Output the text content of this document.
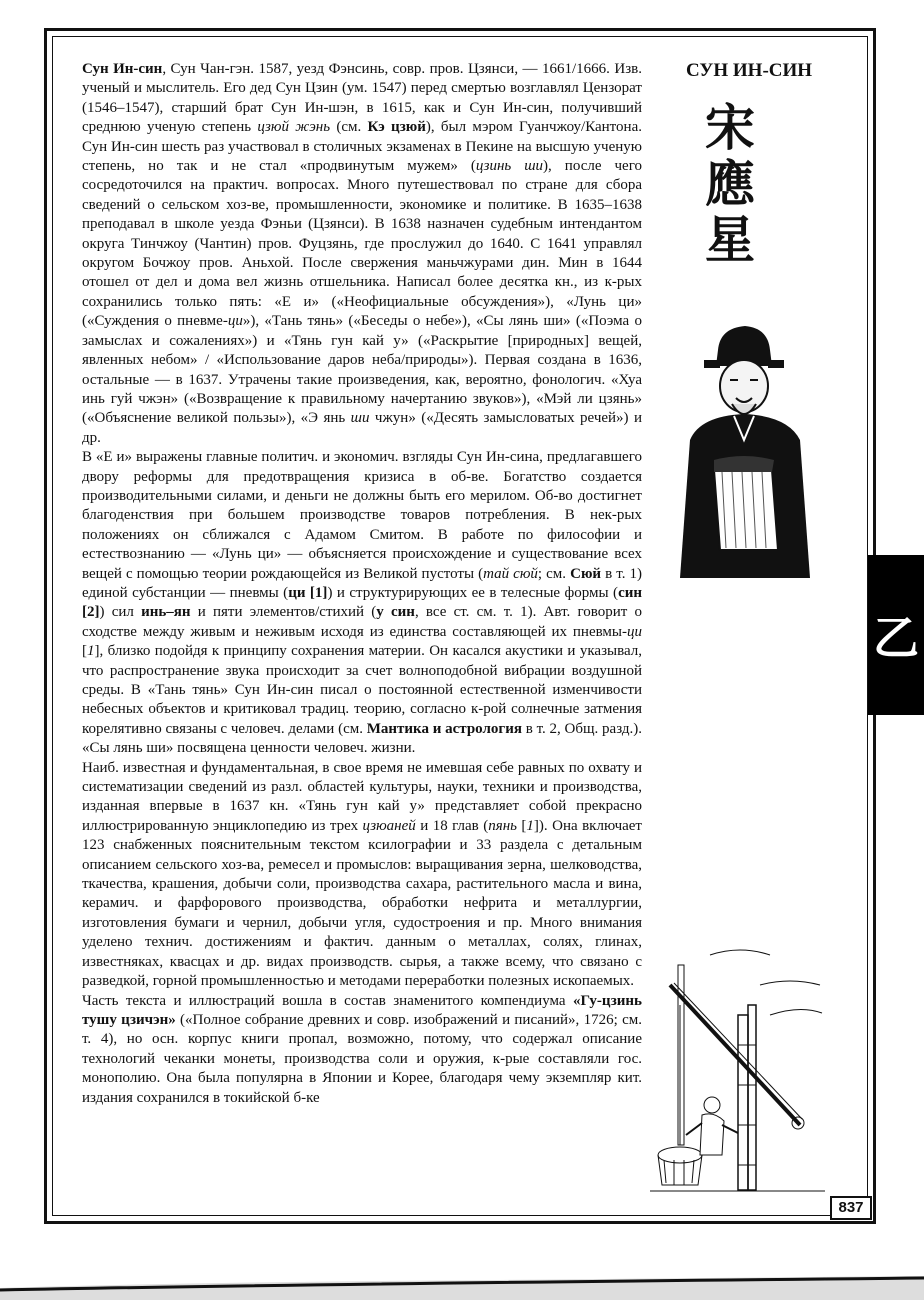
Сун Ин-син, Сун Чан-гэн. 1587, уезд Фэнсинь, совр. пров. Цзянси, — 1661/1666. Изв. ученый и мыслитель. Его дед Сун Цзин (ум. 1547) перед смертью возглавлял Цензорат (1546–1547), старший брат Сун Ин-шэн, в 1615, как и Сун Ин-син, получивший среднюю ученую степень цзюй жэнь (см. Кэ цзюй), был мэром Гуанчжоу/Кантона. Сун Ин-син шесть раз участвовал в столичных экзаменах в Пекине на высшую ученую степень, но так и не стал «продвинутым мужем» (цзинь ши), после чего сосредоточился на практич. вопросах. Много путешествовал по стране для сбора сведений о сельском хоз-ве, промышленности, экономике и политике. В 1635–1638 преподавал в школе уезда Фэньи (Цзянси). В 1638 назначен судебным интендантом округа Тинчжоу (Чантин) пров. Фуцзянь, где прослужил до 1640. С 1641 управлял округом Бочжоу пров. Аньхой. После свержения маньчжурами дин. Мин в 1644 отошел от дел и дома вел жизнь отшельника. Написал более десятка кн., из к-рых сохранились только пять: «Е и» («Неофициальные обсуждения»), «Лунь ци» («Суждения о пневме-ци»), «Тань тянь» («Беседы о небе»), «Сы лянь ши» («Поэма о замыслах и сожалениях») и «Тянь гун кай у» («Раскрытие [природных] вещей, явленных небом» / «Использование даров неба/природы»). Первая создана в 1636, остальные — в 1637. Утрачены такие произведения, как, вероятно, фонологич. «Хуа инь гуй чжэн» («Возвращение к правильному начертанию звуков»), «Мэй ли цзянь» («Объяснение великой пользы»), «Э янь ши чжун» («Десять замысловатых речей») и др.

В «Е и» выражены главные политич. и экономич. взгляды Сун Ин-сина, предлагавшего двору реформы для предотвращения кризиса в об-ве. Богатство создается производительными силами, и деньги не должны быть его мерилом. Об-во достигнет благоденствия при большем производстве товаров потребления. В нек-рых положениях он сближался с Адамом Смитом. В работе по философии и естествознанию — «Лунь ци» — объясняется происхождение и существование всех вещей с помощью теории рождающейся из Великой пустоты (тай сюй; см. Сюй в т. 1) единой субстанции — пневмы (ци [1]) и структурирующих ее в телесные формы (син [2]) сил инь–ян и пяти элементов/стихий (у син, все ст. см. т. 1). Авт. говорит о сходстве между живым и неживым исходя из единства составляющей их пневмы-ци [1], близко подойдя к принципу сохранения материи. Он касался акустики и указывал, что распространение звука происходит за счет волноподобной вибрации воздушной среды. В «Тань тянь» Сун Ин-син писал о постоянной естественной изменчивости небесных объектов и критиковал традиц. теорию, согласно к-рой солнечные затмения корелятивно связаны с человеч. делами (см. Мантика и астрология в т. 2, Общ. разд.). «Сы лянь ши» посвящена ценности человеч. жизни.

Наиб. известная и фундаментальная, в свое время не имевшая себе равных по охвату и систематизации сведений из разл. областей культуры, науки, техники и производства, изданная впервые в 1637 кн. «Тянь гун кай у» представляет собой прекрасно иллюстрированную энциклопедию из трех цзюаней и 18 глав (пянь [1]). Она включает 123 снабженных пояснительным текстом ксилографии и 33 раздела с детальным описанием сельского хоз-ва, ремесел и промыслов: выращивания зерна, шелководства, ткачества, крашения, добычи соли, производства сахара, растительного масла и вина, керамич. и фарфорового производства, обработки нефрита и металлургии, изготовления бумаги и чернил, добычи угля, судостроения и пр. Много внимания уделено технич. достижениям и фактич. данным о металлах, солях, глинах, известняках, квасцах и др. видах производств. сырья, а также всему, что связано с разведкой, горной промышленностью и методами переработки полезных ископаемых.

Часть текста и иллюстраций вошла в состав знаменитого компендиума «Гу-цзинь тушу цзичэн» («Полное собрание древних и совр. изображений и писаний», 1726; см. т. 4), но осн. корпус книги пропал, возможно, потому, что содержал описание технологий чеканки монеты, производства соли и оружия, к-рые составляли гос. монополию. Она была популярна в Японии и Корее, благодаря чему экземпляр кит. издания сохранился в токийской б-ке

СУН ИН-СИН
宋
應
星
乙
837
